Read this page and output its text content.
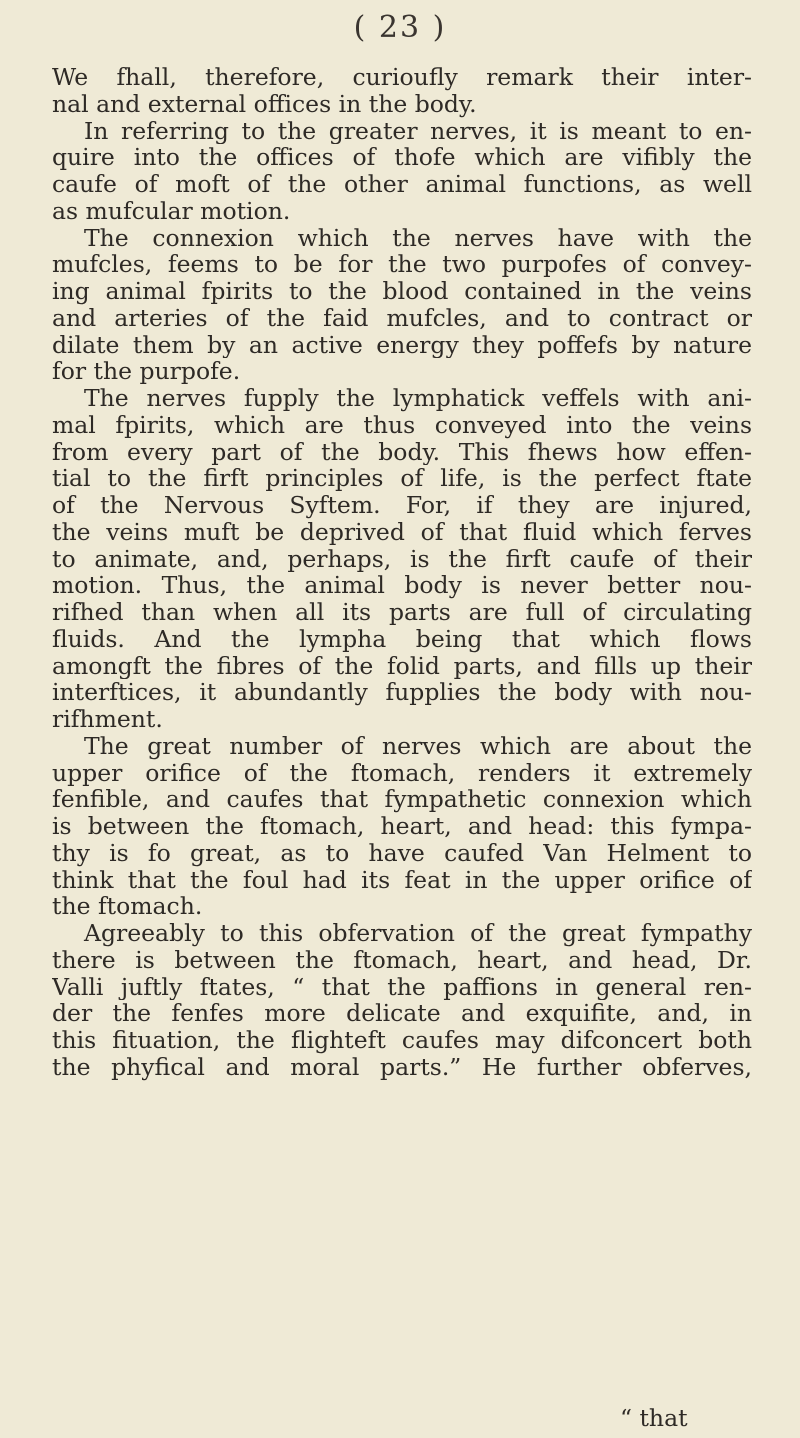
( 23 )
We fhall, therefore, curioufly remark their inter-
nal and external offices in the body.
In referring to the greater nerves, it is meant to en-
quire into the offices of thofe which are vifibly the
caufe of moft of the other animal functions, as well
as mufcular motion.
The connexion which the nerves have with the
mufcles, feems to be for the two purpofes of convey-
ing animal fpirits to the blood contained in the veins
and arteries of the faid mufcles, and to contract or
dilate them by an active energy they poffefs by nature
for the purpofe.
The nerves fupply the lymphatick veffels with ani-
mal fpirits, which are thus conveyed into the veins
from every part of the body. This fhews how effen-
tial to the firft principles of life, is the perfect ftate
of the Nervous Syftem. For, if they are injured,
the veins muft be deprived of that fluid which ferves
to animate, and, perhaps, is the firft caufe of their
motion. Thus, the animal body is never better nou-
rifhed than when all its parts are full of circulating
fluids. And the lympha being that which flows
amongft the fibres of the folid parts, and fills up their
interftices, it abundantly fupplies the body with nou-
rifhment.
The great number of nerves which are about the
upper orifice of the ftomach, renders it extremely
fenfible, and caufes that fympathetic connexion which
is between the ftomach, heart, and head: this fympa-
thy is fo great, as to have caufed Van Helment to
think that the foul had its feat in the upper orifice of
the ftomach.
Agreeably to this obfervation of the great fympathy
there is between the ftomach, heart, and head, Dr.
Valli juftly ftates, “ that the paffions in general ren-
der the fenfes more delicate and exquifite, and, in
this fituation, the flighteft caufes may difconcert both
the phyfical and moral parts.” He further obferves,
“ that
